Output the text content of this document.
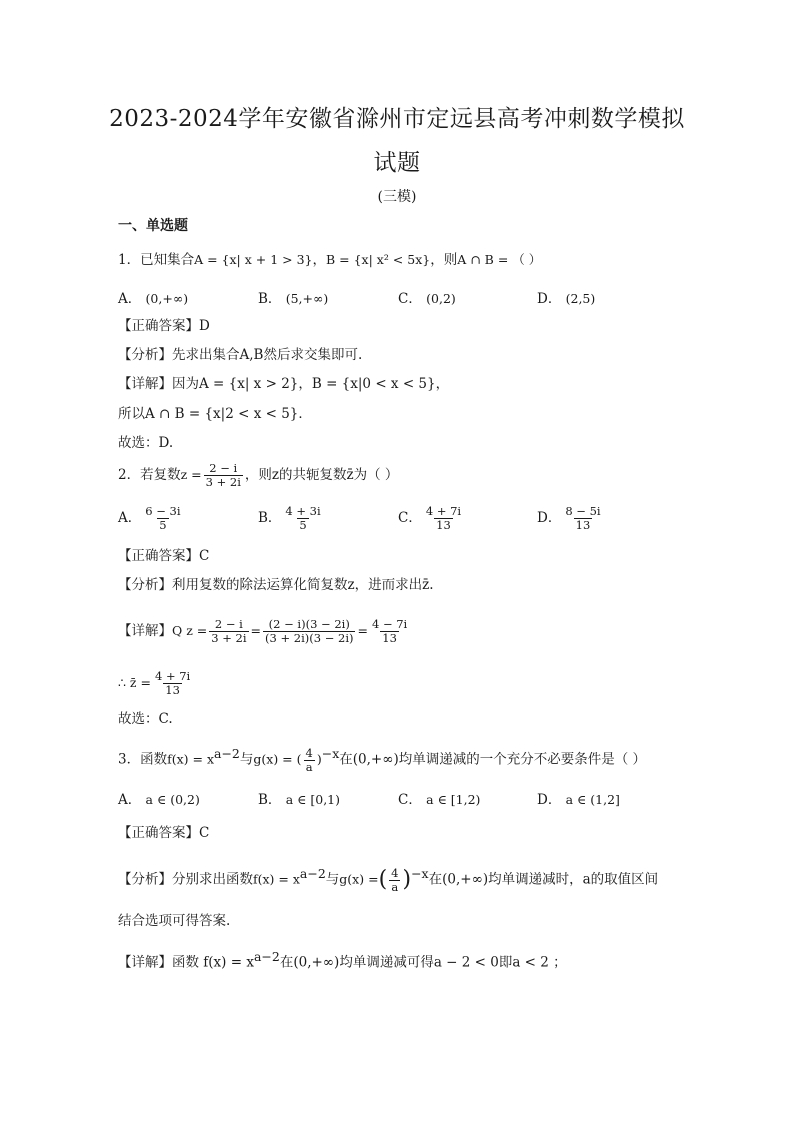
2023-2024学年安徽省滁州市定远县高考冲刺数学模拟
试题
(三模)
一、单选题
1．已知集合A = {x| x + 1 > 3}，B = {x| x² < 5x}，则A ∩ B = （ ）
A． (0,+∞)	B． (5,+∞)	C． (0,2)	D． (2,5)
【正确答案】D
【分析】先求出集合A,B然后求交集即可.
【详解】因为A = {x| x > 2}，B = {x|0 < x < 5}，
所以A ∩ B = {x|2 < x < 5}．
故选：D.
2．若复数$z = \frac{2 - i}{3 + 2i}$ ，则z的共轭复数z̄为（ ）
A． $\frac{6 - 3i}{5}$	B． $\frac{4 + 3i}{5}$	C． $\frac{4 + 7i}{13}$	D． $\frac{8 - 5i}{13}$
【正确答案】C
【分析】利用复数的除法运算化简复数z，进而求出z̄.
【详解】Q $z = \frac{2 - i}{3 + 2i} = \frac{(2 - i)(3 - 2i)}{(3 + 2i)(3 - 2i)} = \frac{4 - 7i}{13}$
∴ z̄ = $\frac{4 + 7i}{13}$
故选：C.
3．函数$f(x) = x^{a-2}$与g(x) = ( $\frac{4}{a} )^{-x}$在(0,+∞)均单调递减的一个充分不必要条件是（ ）
A． a ∈ (0,2)	B． a ∈ [0,1)	C． a ∈ [1,2)	D． a ∈ (1,2]
【正确答案】C
【分析】分别求出函数$f(x) = x^{a-2}$与g(x) =( $\frac{4}{a} )^{-x}$在(0,+∞)均单调递减时，a的取值区间
结合选项可得答案.
【详解】函数 $f(x) = x^{a-2}$在(0,+∞)均单调递减可得a − 2 < 0即a < 2 ；
